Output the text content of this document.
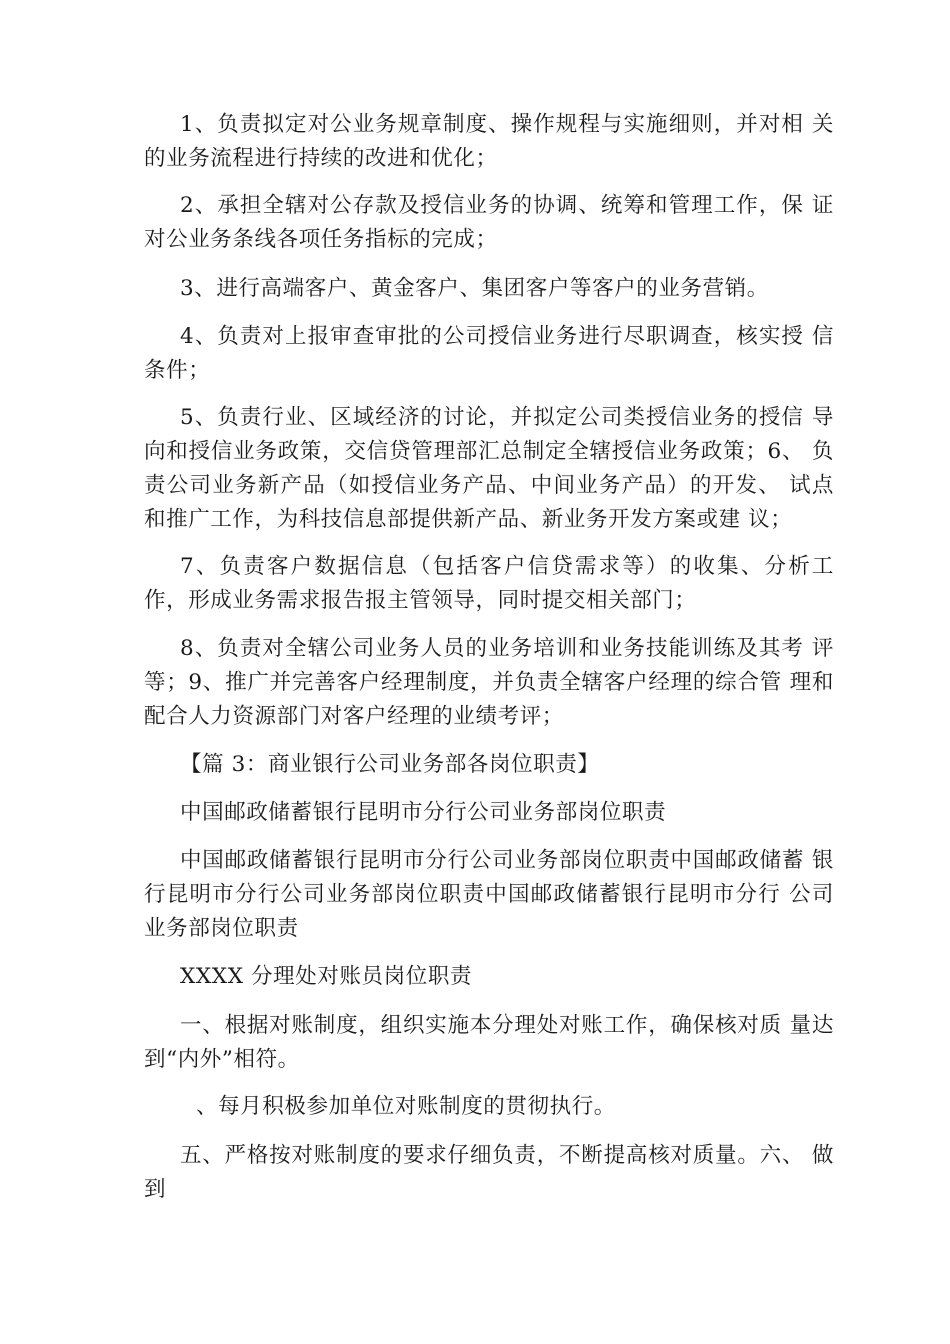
1、负责拟定对公业务规章制度、操作规程与实施细则，并对相 关的业务流程进行持续的改进和优化；

2、承担全辖对公存款及授信业务的协调、统筹和管理工作，保 证对公业务条线各项任务指标的完成；

3、进行高端客户、黄金客户、集团客户等客户的业务营销。

4、负责对上报审查审批的公司授信业务进行尽职调查，核实授 信条件；

5、负责行业、区域经济的讨论，并拟定公司类授信业务的授信 导向和授信业务政策，交信贷管理部汇总制定全辖授信业务政策；6、 负责公司业务新产品（如授信业务产品、中间业务产品）的开发、 试点和推广工作，为科技信息部提供新产品、新业务开发方案或建 议；

7、负责客户数据信息（包括客户信贷需求等）的收集、分析工 作，形成业务需求报告报主管领导，同时提交相关部门；

8、负责对全辖公司业务人员的业务培训和业务技能训练及其考 评等；9、推广并完善客户经理制度，并负责全辖客户经理的综合管 理和配合人力资源部门对客户经理的业绩考评；

【篇 3：商业银行公司业务部各岗位职责】

中国邮政储蓄银行昆明市分行公司业务部岗位职责

中国邮政储蓄银行昆明市分行公司业务部岗位职责中国邮政储蓄 银行昆明市分行公司业务部岗位职责中国邮政储蓄银行昆明市分行 公司业务部岗位职责

XXXX 分理处对账员岗位职责

一、根据对账制度，组织实施本分理处对账工作，确保核对质 量达到“内外”相符。

、每月积极参加单位对账制度的贯彻执行。

五、严格按对账制度的要求仔细负责，不断提高核对质量。六、 做到
